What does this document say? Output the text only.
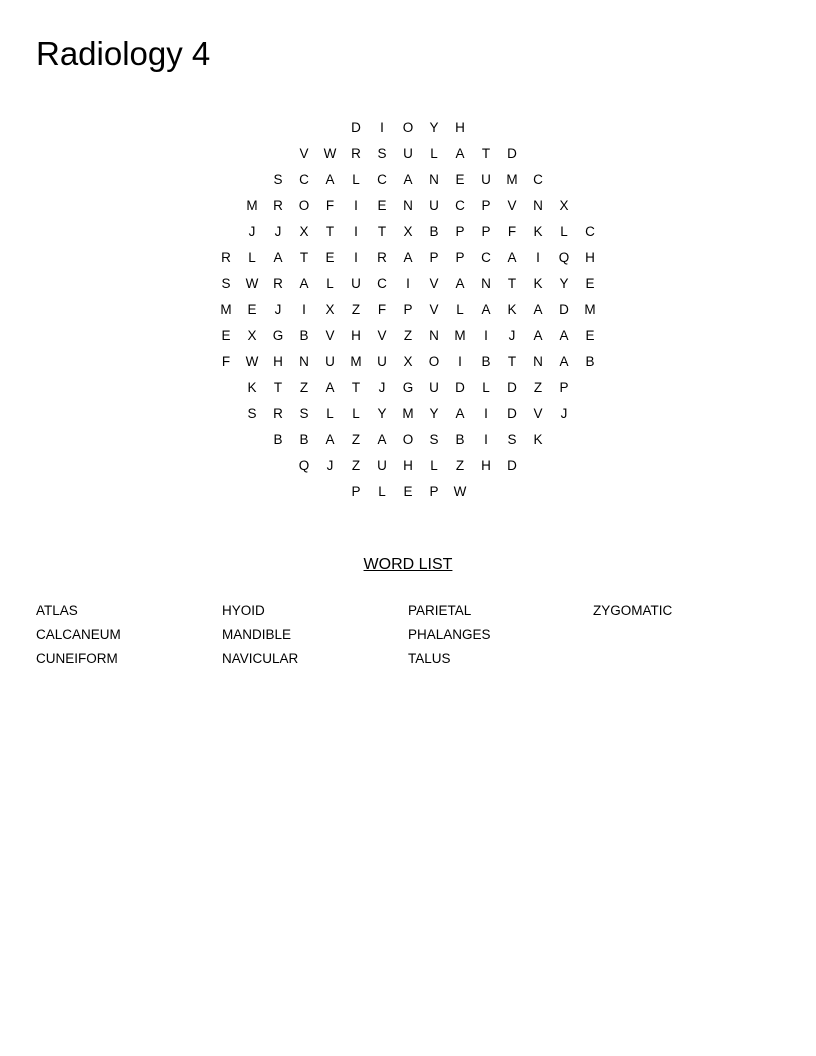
Radiology 4
D	I	O	Y	H
V	W	R	S	U	L	A	T	D
S	C	A	L	C	A	N	E	U	M	C
M	R	O	F	I	E	N	U	C	P	V	N	X
J	J	X	T	I	T	X	B	P	P	F	K	L	C
R	L	A	T	E	I	R	A	P	P	C	A	I	Q	H
S	W	R	A	L	U	C	I	V	A	N	T	K	Y	E
M	E	J	I	X	Z	F	P	V	L	A	K	A	D	M
E	X	G	B	V	H	V	Z	N	M	I	J	A	A	E
F	W	H	N	U	M	U	X	O	I	B	T	N	A	B
K	T	Z	A	T	J	G	U	D	L	D	Z	P
S	R	S	L	L	Y	M	Y	A	I	D	V	J
B	B	A	Z	A	O	S	B	I	S	K
Q	J	Z	U	H	L	Z	H	D
P	L	E	P	W
WORD LIST
ATLAS
CALCANEUM
CUNEIFORM
HYOID
MANDIBLE
NAVICULAR
PARIETAL
PHALANGES
TALUS
ZYGOMATIC
